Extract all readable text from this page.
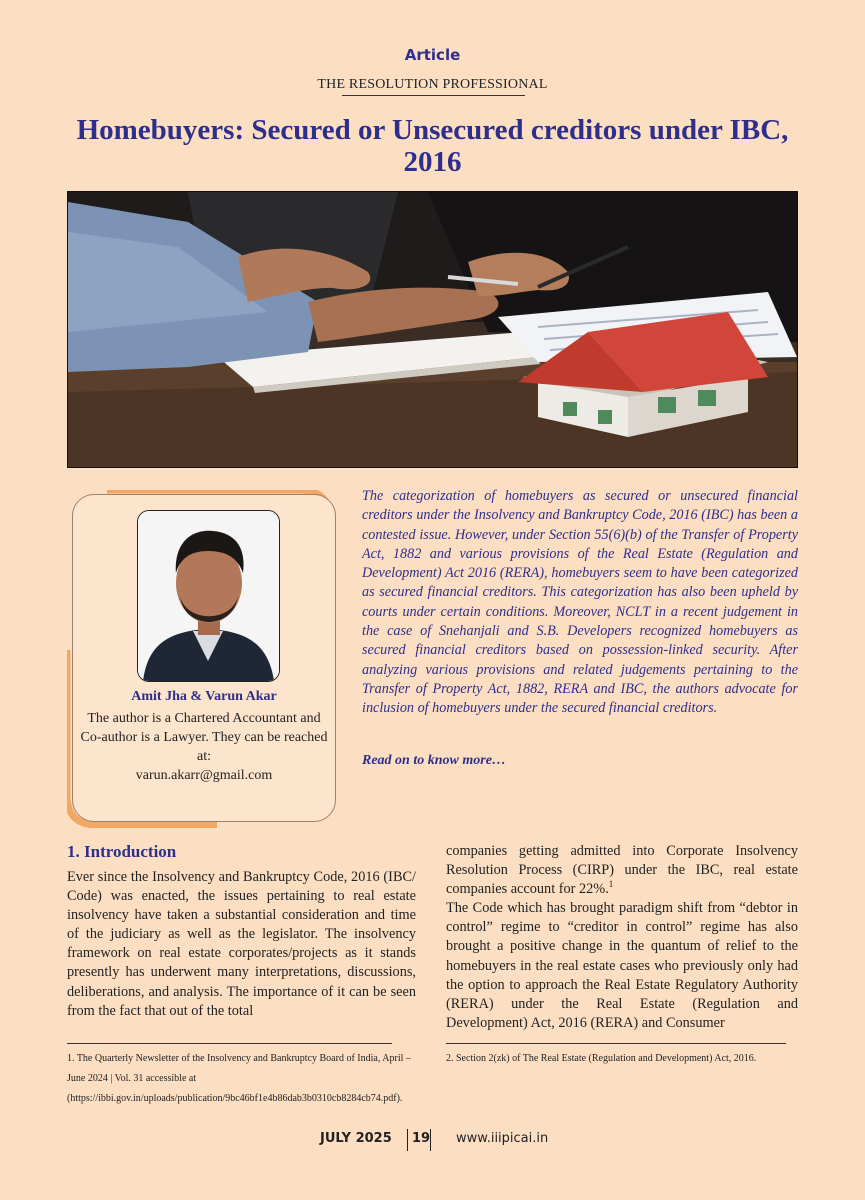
Article
THE RESOLUTION PROFESSIONAL
Homebuyers: Secured or Unsecured creditors under IBC, 2016
Amit Jha & Varun Akar
The author is a Chartered Accountant and Co-author is a Lawyer. They can be reached at:
varun.akarr@gmail.com
The categorization of homebuyers as secured or unsecured financial creditors under the Insolvency and Bankruptcy Code, 2016 (IBC) has been a contested issue. However, under Section 55(6)(b) of the Transfer of Property Act, 1882 and various provisions of the Real Estate (Regulation and Development) Act 2016 (RERA), homebuyers seem to have been categorized as secured financial creditors. This categorization has also been upheld by courts under certain conditions. Moreover, NCLT in a recent judgement in the case of Snehanjali and S.B. Developers recognized homebuyers as secured financial creditors based on possession-linked security. After analyzing various provisions and related judgements pertaining to the Transfer of Property Act, 1882, RERA and IBC, the authors advocate for inclusion of homebuyers under the secured financial creditors.
Read on to know more…
1. Introduction
Ever since the Insolvency and Bankruptcy Code, 2016 (IBC/ Code) was enacted, the issues pertaining to real estate insolvency have taken a substantial consideration and time of the judiciary as well as the legislator. The insolvency framework on real estate corporates/projects as it stands presently has underwent many interpretations, discussions, deliberations, and analysis. The importance of it can be seen from the fact that out of the total
companies getting admitted into Corporate Insolvency Resolution Process (CIRP) under the IBC, real estate companies account for 22%.$^1$
The Code which has brought paradigm shift from “debtor in control” regime to “creditor in control” regime has also brought a positive change in the quantum of relief to the homebuyers in the real estate cases who previously only had the option to approach the Real Estate Regulatory Authority (RERA) under the Real Estate (Regulation and Development) Act, 2016 (RERA) and Consumer
1. The Quarterly Newsletter of the Insolvency and Bankruptcy Board of India, April – June 2024 | Vol. 31 accessible at (https://ibbi.gov.in/uploads/publication/9bc46bf1e4b86dab3b0310cb8284cb74.pdf).
2. Section 2(zk) of The Real Estate (Regulation and Development) Act, 2016.
JULY 2025 19 www.iiipicai.in
